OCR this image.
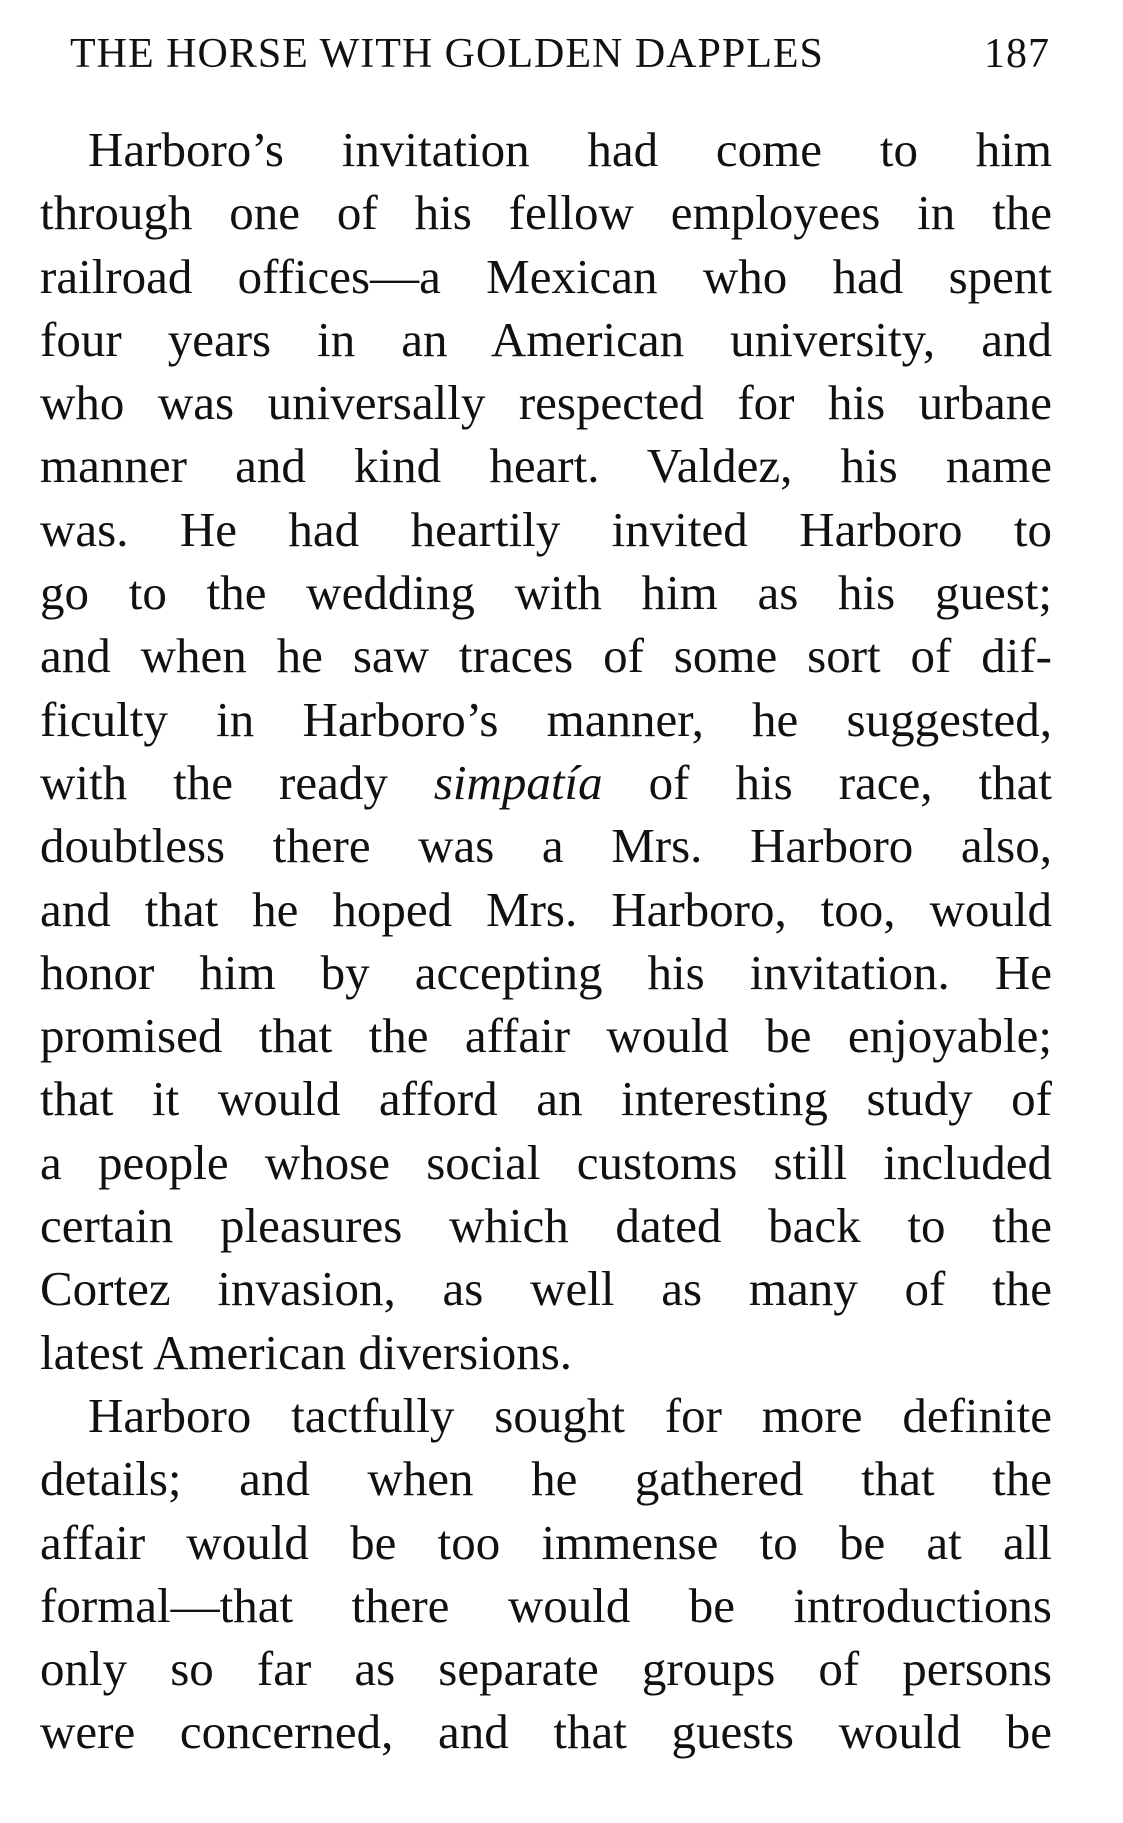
THE HORSE WITH GOLDEN DAPPLES	187
Harboro’s invitation had come to him
through one of his fellow employees in the
railroad offices—a Mexican who had spent
four years in an American university, and
who was universally respected for his urbane
manner and kind heart. Valdez, his name
was. He had heartily invited Harboro to
go to the wedding with him as his guest;
and when he saw traces of some sort of dif-
ficulty in Harboro’s manner, he suggested,
with the ready simpatía of his race, that
doubtless there was a Mrs. Harboro also,
and that he hoped Mrs. Harboro, too, would
honor him by accepting his invitation. He
promised that the affair would be enjoyable;
that it would afford an interesting study of
a people whose social customs still included
certain pleasures which dated back to the
Cortez invasion, as well as many of the
latest American diversions.
Harboro tactfully sought for more definite
details; and when he gathered that the
affair would be too immense to be at all
formal—that there would be introductions
only so far as separate groups of persons
were concerned, and that guests would be
